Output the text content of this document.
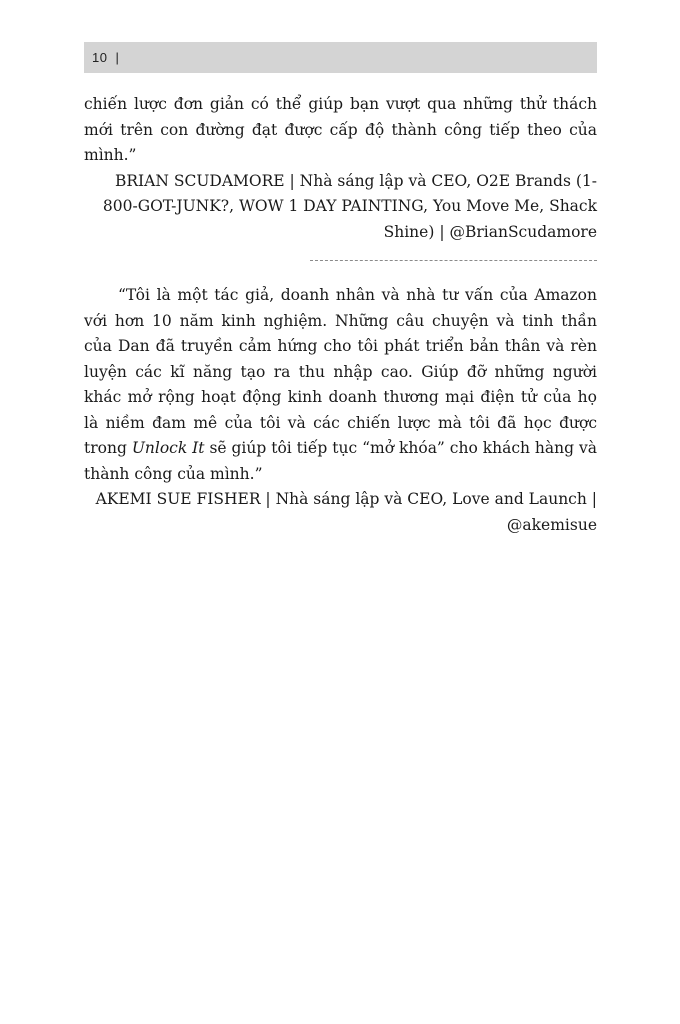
10 |

chiến lược đơn giản có thể giúp bạn vượt qua những thử thách mới trên con đường đạt được cấp độ thành công tiếp theo của mình.”

BRIAN SCUDAMORE | Nhà sáng lập và CEO, O2E Brands (1-800-GOT-JUNK?, WOW 1 DAY PAINTING, You Move Me, Shack Shine) | @BrianScudamore

“Tôi là một tác giả, doanh nhân và nhà tư vấn của Amazon với hơn 10 năm kinh nghiệm. Những câu chuyện và tinh thần của Dan đã truyền cảm hứng cho tôi phát triển bản thân và rèn luyện các kĩ năng tạo ra thu nhập cao. Giúp đỡ những người khác mở rộng hoạt động kinh doanh thương mại điện tử của họ là niềm đam mê của tôi và các chiến lược mà tôi đã học được trong Unlock It sẽ giúp tôi tiếp tục “mở khóa” cho khách hàng và thành công của mình.”

AKEMI SUE FISHER | Nhà sáng lập và CEO, Love and Launch | @akemisue
